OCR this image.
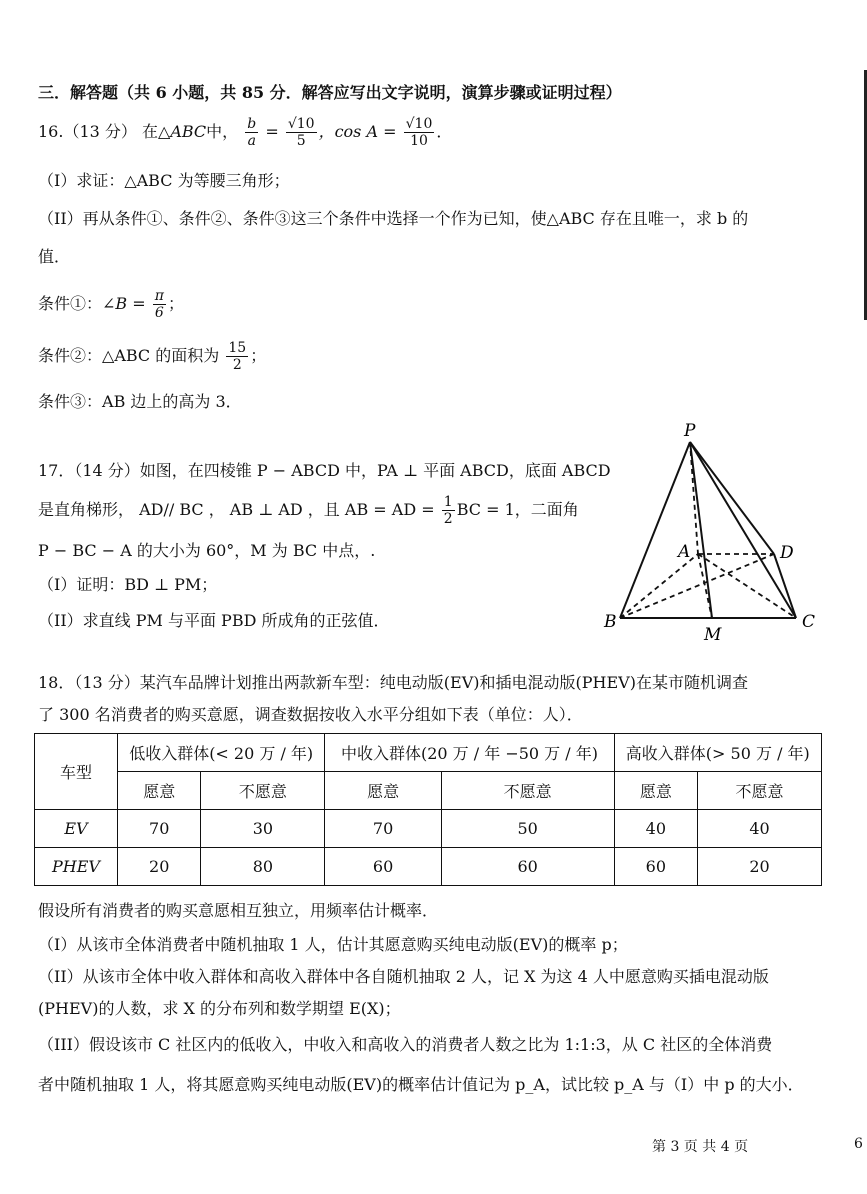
三．解答题（共 6 小题，共 85 分．解答应写出文字说明，演算步骤或证明过程）
16.（13 分） 在△ABC中， $\frac{b}{a} = \frac{√10}{5}$ ，$\cos A = \frac{√10}{10}$ ．
（I）求证：△ABC 为等腰三角形；
（II）再从条件①、条件②、条件③这三个条件中选择一个作为已知，使△ABC 存在且唯一，求 b 的
值．
条件①：∠B = $\frac{\pi}{6}$ ；
条件②：△ABC 的面积为 $\frac{15}{2}$ ；
条件③：AB 边上的高为 3．
17．（14 分）如图，在四棱锥 P − ABCD 中，PA ⊥ 平面 ABCD，底面 ABCD
是直角梯形， AD// BC ， AB ⊥ AD ，且 AB = AD = $\frac{1}{2}$ BC = 1，二面角
P − BC − A 的大小为 60°，M 为 BC 中点，.
（I）证明：BD ⊥ PM；
（II）求直线 PM 与平面 PBD 所成角的正弦值．
P
A	D
B	C
M
18．（13 分）某汽车品牌计划推出两款新车型：纯电动版(EV)和插电混动版(PHEV)在某市随机调查
了 300 名消费者的购买意愿，调查数据按收入水平分组如下表（单位：人）．
车型	低收入群体(< 20 万 / 年)		中收入群体(20 万 / 年 −50 万 / 年)		高收入群体(> 50 万 / 年)	
	愿意	不愿意	愿意	不愿意	愿意	不愿意
EV	70	30	70	50	40	40
PHEV	20	80	60	60	60	20
假设所有消费者的购买意愿相互独立，用频率估计概率．
（I）从该市全体消费者中随机抽取 1 人，估计其愿意购买纯电动版(EV)的概率 p；
（II）从该市全体中收入群体和高收入群体中各自随机抽取 2 人，记 X 为这 4 人中愿意购买插电混动版
(PHEV)的人数，求 X 的分布列和数学期望 E(X)；
（III）假设该市 C 社区内的低收入，中收入和高收入的消费者人数之比为 1:1:3，从 C 社区的全体消费
者中随机抽取 1 人，将其愿意购买纯电动版(EV)的概率估计值记为 p_A，试比较 p_A 与（I）中 p 的大小．
第 3 页 共 4 页	6
